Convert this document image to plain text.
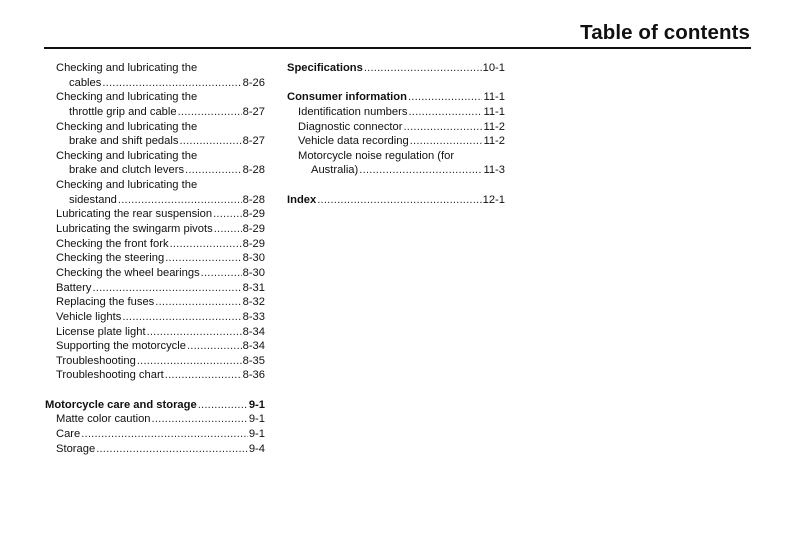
Table of contents
Checking and lubricating the
cables .....	8-26
Checking and lubricating the
throttle grip and cable .....	8-27
Checking and lubricating the
brake and shift pedals .....	8-27
Checking and lubricating the
brake and clutch levers .....	8-28
Checking and lubricating the
sidestand .....	8-28
Lubricating the rear suspension .....	8-29
Lubricating the swingarm pivots .....	8-29
Checking the front fork .....	8-29
Checking the steering .....	8-30
Checking the wheel bearings .....	8-30
Battery .....	8-31
Replacing the fuses .....	8-32
Vehicle lights .....	8-33
License plate light .....	8-34
Supporting the motorcycle .....	8-34
Troubleshooting .....	8-35
Troubleshooting chart .....	8-36
Motorcycle care and storage .....	9-1
Matte color caution .....	9-1
Care .....	9-1
Storage .....	9-4
Specifications .....	10-1
Consumer information .....	11-1
Identification numbers .....	11-1
Diagnostic connector .....	11-2
Vehicle data recording .....	11-2
Motorcycle noise regulation (for
Australia) .....	11-3
Index .....	12-1
